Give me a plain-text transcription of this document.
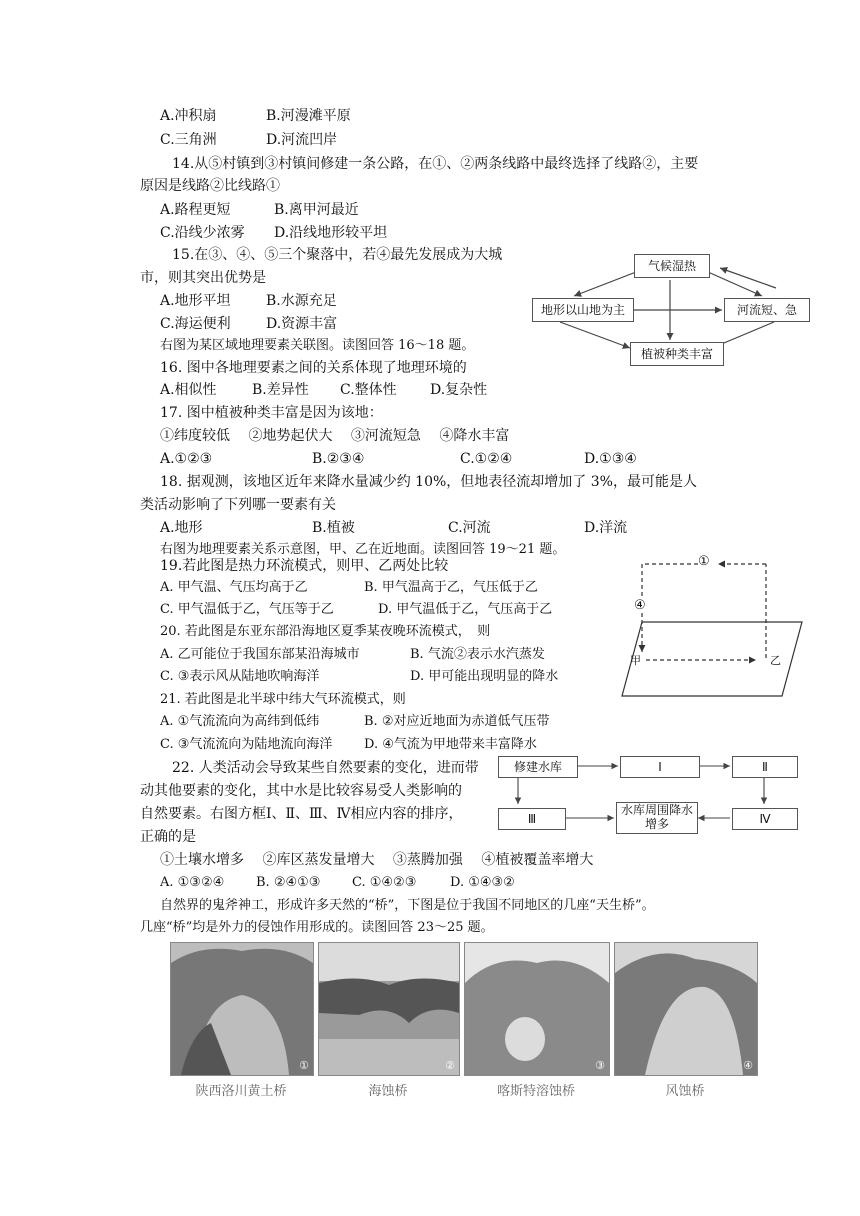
A.冲积扇	B.河漫滩平原
C.三角洲	D.河流凹岸
14.从⑤村镇到③村镇间修建一条公路，在①、②两条线路中最终选择了线路②，主要
原因是线路②比线路①
A.路程更短	B.离甲河最近
C.沿线少浓雾 D.沿线地形较平坦
15.在③、④、⑤三个聚落中，若④最先发展成为大城
市，则其突出优势是
A.地形平坦	B.水源充足
C.海运便利	D.资源丰富
右图为某区域地理要素关联图。读图回答 16～18 题。
气候湿热
地形以山地为主	河流短、急
植被种类丰富
16. 图中各地理要素之间的关系体现了地理环境的
A.相似性	B.差异性 C.整体性 D.复杂性
17. 图中植被种类丰富是因为该地：
①纬度较低　 ②地势起伏大　 ③河流短急　 ④降水丰富
A.①②③	B.②③④	C.①②④	D.①③④
18. 据观测，该地区近年来降水量减少约 10%，但地表径流却增加了 3%，最可能是人
类活动影响了下列哪一要素有关
A.地形	B.植被	C.河流	D.洋流
右图为地理要素关系示意图，甲、乙在近地面。读图回答 19～21 题。
①
④
甲	乙
19.若此图是热力环流模式，则甲、乙两处比较
A. 甲气温、气压均高于乙	B. 甲气温高于乙，气压低于乙
C. 甲气温低于乙，气压等于乙	D. 甲气温低于乙，气压高于乙
20. 若此图是东亚东部沿海地区夏季某夜晚环流模式，　则
A. 乙可能位于我国东部某沿海城市	B. 气流②表示水汽蒸发
C. ③表示风从陆地吹响海洋	D. 甲可能出现明显的降水
21. 若此图是北半球中纬大气环流模式，则
A. ①气流流向为高纬到低纬	B. ②对应近地面为赤道低气压带
C. ③气流流向为陆地流向海洋 D. ④气流为甲地带来丰富降水
22. 人类活动会导致某些自然要素的变化，进而带
动其他要素的变化，其中水是比较容易受人类影响的
自然要素。右图方框Ⅰ、Ⅱ、Ⅲ、Ⅳ相应内容的排序，
正确的是
①土壤水增多　 ②库区蒸发量增大　 ③蒸腾加强　 ④植被覆盖率增大
A. ①③②④ B. ②④①③ C. ①④②③	D. ①④③②
修建水库	Ⅰ	Ⅱ
Ⅲ
水库周围降水增多	Ⅳ
自然界的鬼斧神工，形成许多天然的“桥”，下图是位于我国不同地区的几座“天生桥”。
几座“桥”均是外力的侵蚀作用形成的。读图回答 23～25 题。
①	②	③	④
陕西洛川黄土桥	海蚀桥	喀斯特溶蚀桥	风蚀桥
